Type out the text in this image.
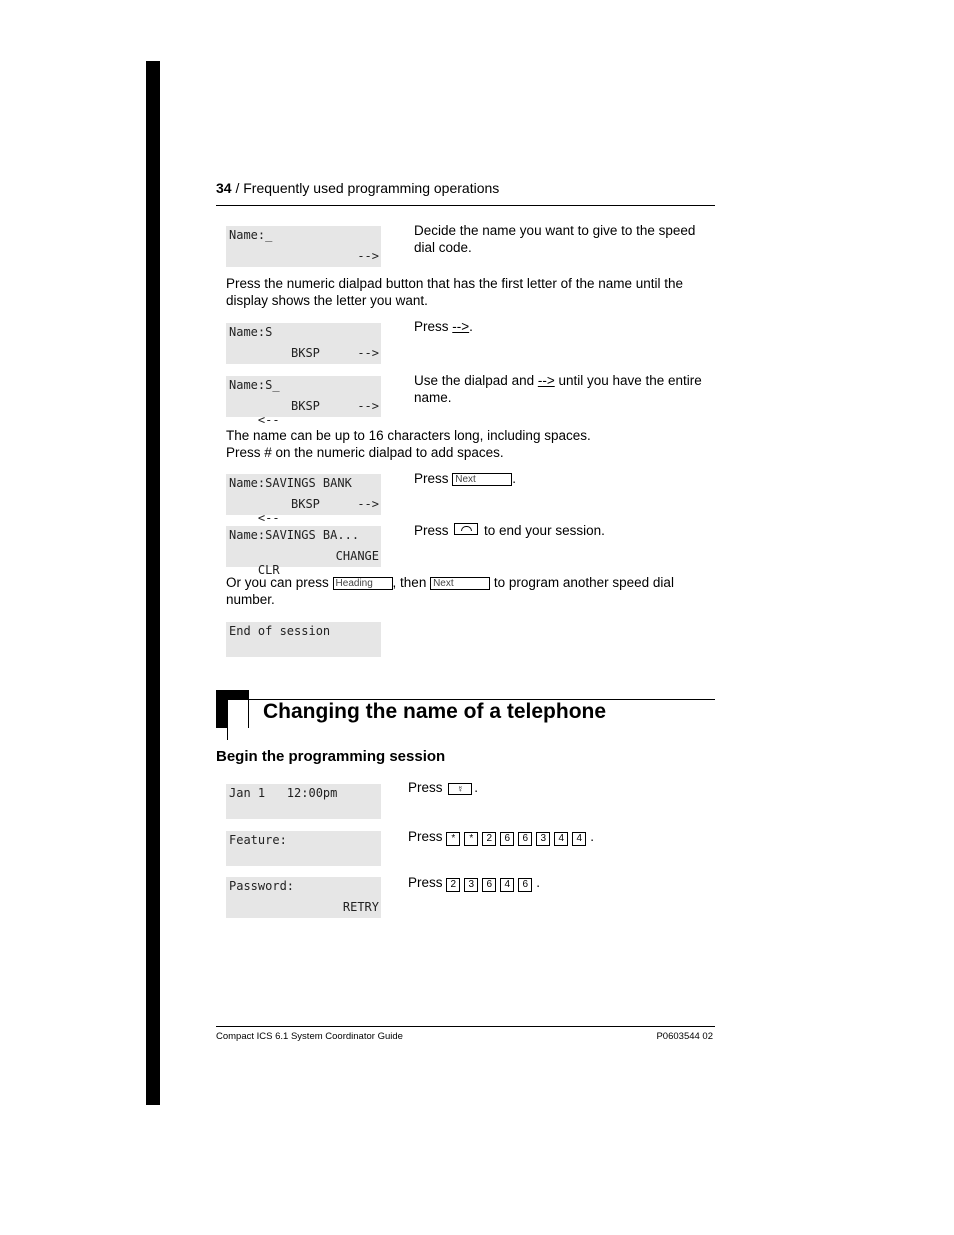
34 / Frequently used programming operations
Name:_
-->
Decide the name you want to give to the speed dial code.
Press the numeric dialpad button that has the first letter of the name until the display shows the letter you want.
Name:S

BKSP

	-->

Press -->.
Name:S_

<--

BKSP

	-->

Use the dialpad and --> until you have the entire name.
The name can be up to 16 characters long, including spaces.
Press # on the numeric dialpad to add spaces.
Name:SAVINGS BANK

<--

BKSP

	-->

Press Next	.
Name:SAVINGS BA...

CLR

CHANGE

Press  to end your session.
Or you can press Heading , then Next	to program another speed dial number.
End of session
Changing the name of a telephone
Begin the programming session
Jan 1   12:00pm	Press ☿ .
Feature:	Press * * 2 6 6 3 4 4 .
Password:
RETRY
Press 2 3 6 4 6 .
Compact ICS 6.1 System Coordinator Guide	P0603544 02
